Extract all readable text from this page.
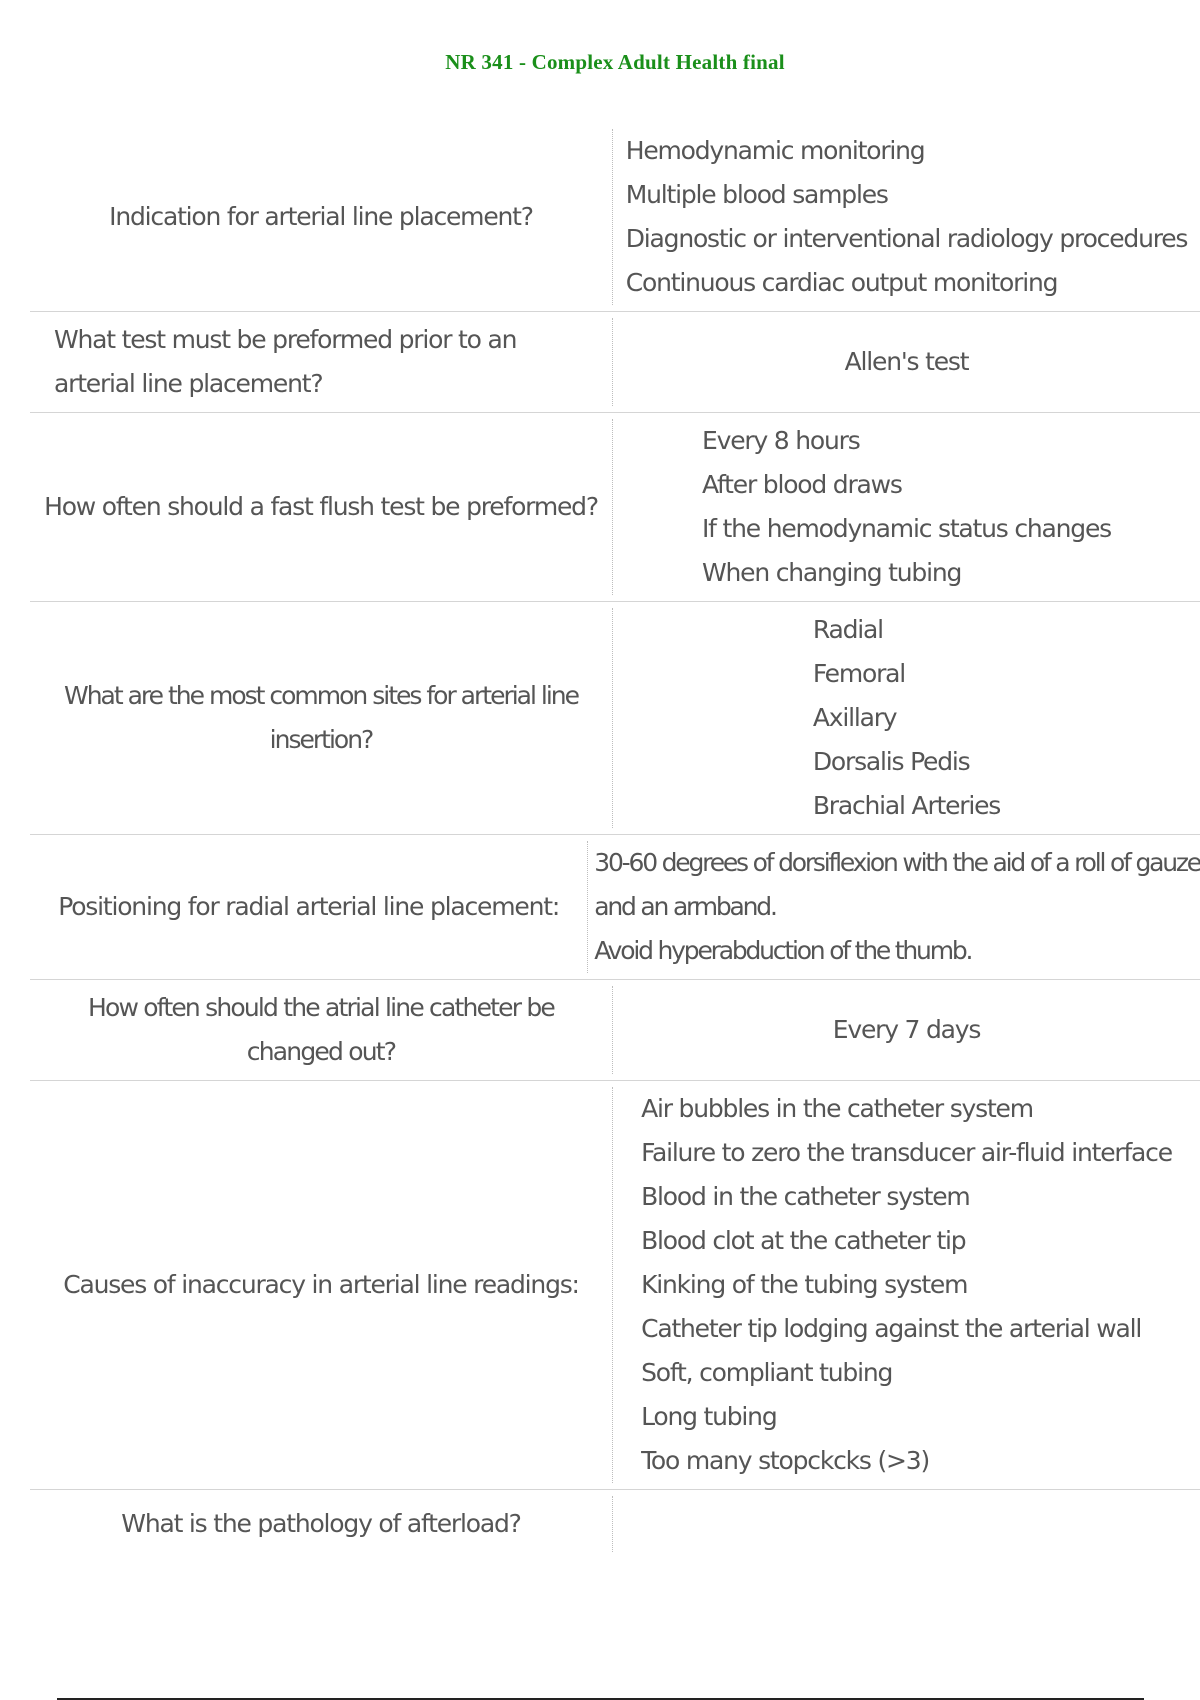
NR 341 - Complex Adult Health final
Indication for arterial line placement?
Hemodynamic monitoring
Multiple blood samples
Diagnostic or interventional radiology procedures
Continuous cardiac output monitoring
What test must be preformed prior to an arterial line placement?
Allen's test
How often should a fast flush test be preformed?
Every 8 hours
After blood draws
If the hemodynamic status changes
When changing tubing
What are the most common sites for arterial line insertion?
Radial
Femoral
Axillary
Dorsalis Pedis
Brachial Arteries
Positioning for radial arterial line placement:
30-60 degrees of dorsiflexion with the aid of a roll of gauze
and an armband.
Avoid hyperabduction of the thumb.
How often should the atrial line catheter be changed out?
Every 7 days
Causes of inaccuracy in arterial line readings:
Air bubbles in the catheter system
Failure to zero the transducer air-fluid interface
Blood in the catheter system
Blood clot at the catheter tip
Kinking of the tubing system
Catheter tip lodging against the arterial wall
Soft, compliant tubing
Long tubing
Too many stopckcks (>3)
What is the pathology of afterload?
